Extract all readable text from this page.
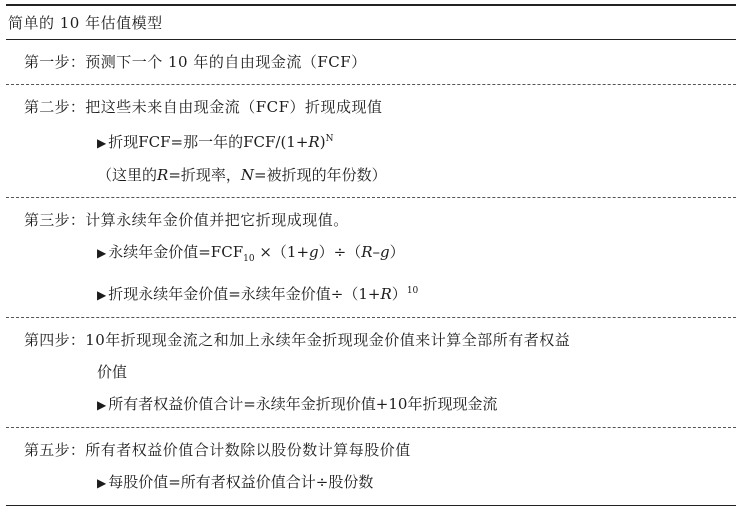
简单的 10 年估值模型
第一步：预测下一个 10 年的自由现金流（FCF）
第二步：把这些未来自由现金流（FCF）折现成现值
▶ 折现FCF=那一年的FCF/$(1+R)^N$
（这里的R=折现率，N=被折现的年份数）
第三步：计算永续年金价值并把它折现成现值。
▶ 永续年金价值$=FCF_{10} \times(1+g)\div(R-g)$
▶ 折现永续年金价值=永续年金价值$\div(1+R)^{10}$
第四步：10年折现现金流之和加上永续年金折现现金价值来计算全部所有者权益
价值
▶ 所有者权益价值合计=永续年金折现价值+10年折现现金流
第五步：所有者权益价值合计数除以股份数计算每股价值
▶ 每股价值=所有者权益价值合计÷股份数
